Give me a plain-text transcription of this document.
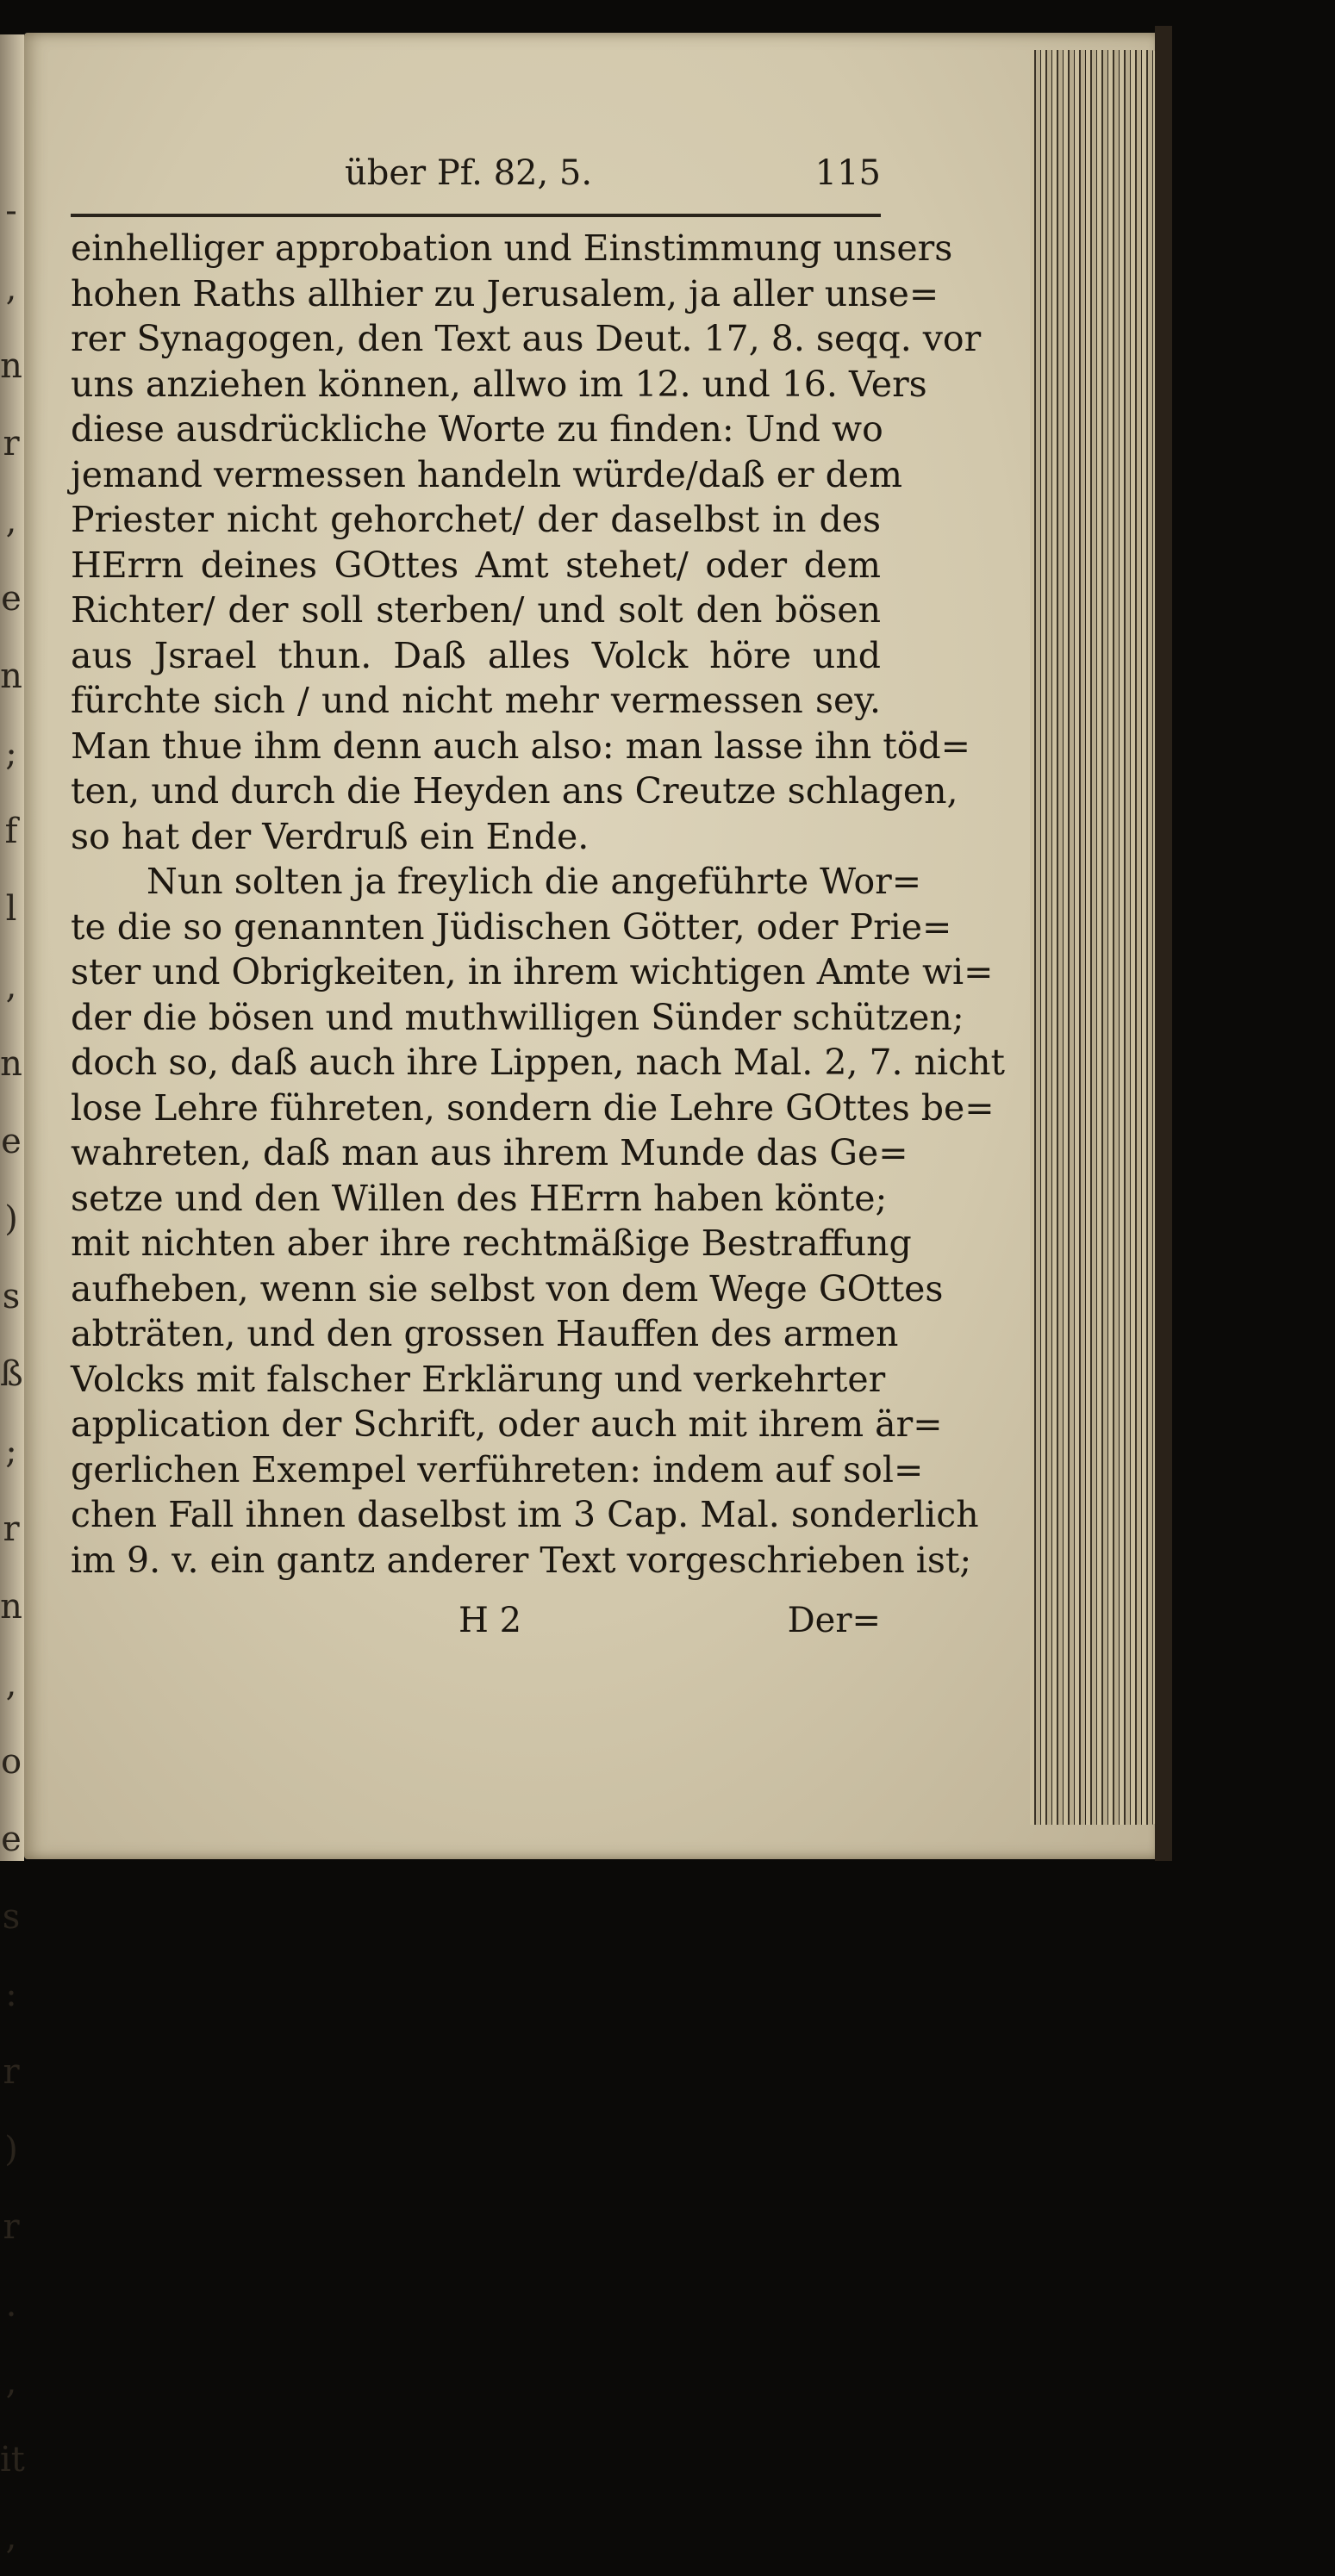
- , n r , e n ; f l , n e ) s ß ; r n , o e s : r ) r . , it ,
über Pf. 82, 5.	115
einhelliger approbation und Einstimmung unsers
hohen Raths allhier zu Jerusalem, ja aller unse=
rer Synagogen, den Text aus Deut. 17, 8. seqq. vor
uns anziehen können, allwo im 12. und 16. Vers
diese ausdrückliche Worte zu finden: Und wo
jemand vermessen handeln würde/daß er dem
Priester nicht gehorchet/ der daselbst in des
HErrn deines GOttes Amt stehet/ oder dem
Richter/ der soll sterben/ und solt den bösen
aus Jsrael thun. Daß alles Volck höre und
fürchte sich / und nicht mehr vermessen sey.
Man thue ihm denn auch also: man lasse ihn töd=
ten, und durch die Heyden ans Creutze schlagen,
so hat der Verdruß ein Ende.
Nun solten ja freylich die angeführte Wor=
te die so genannten Jüdischen Götter, oder Prie=
ster und Obrigkeiten, in ihrem wichtigen Amte wi=
der die bösen und muthwilligen Sünder schützen;
doch so, daß auch ihre Lippen, nach Mal. 2, 7. nicht
lose Lehre führeten, sondern die Lehre GOttes be=
wahreten, daß man aus ihrem Munde das Ge=
setze und den Willen des HErrn haben könte;
mit nichten aber ihre rechtmäßige Bestraffung
aufheben, wenn sie selbst von dem Wege GOttes
abträten, und den grossen Hauffen des armen
Volcks mit falscher Erklärung und verkehrter
application der Schrift, oder auch mit ihrem är=
gerlichen Exempel verführeten: indem auf sol=
chen Fall ihnen daselbst im 3 Cap. Mal. sonderlich
im 9. v. ein gantz anderer Text vorgeschrieben ist;
H 2	Der=
